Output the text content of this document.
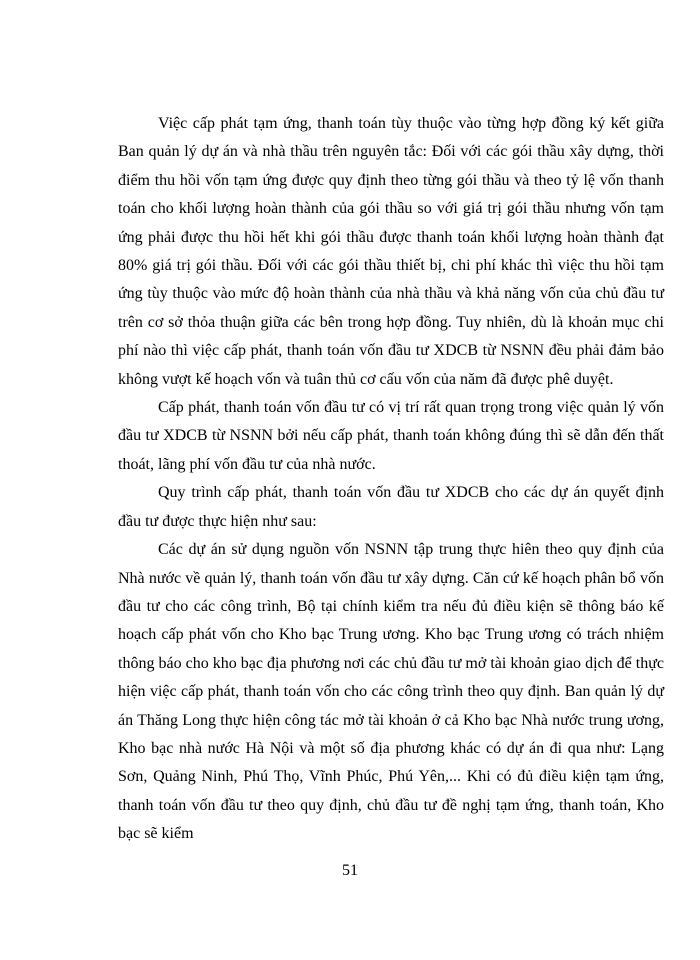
Việc cấp phát tạm ứng, thanh toán tùy thuộc vào từng hợp đồng ký kết giữa Ban quản lý dự án và nhà thầu trên nguyên tắc: Đối với các gói thầu xây dựng, thời điểm thu hồi vốn tạm ứng được quy định theo từng gói thầu và theo tỷ lệ vốn thanh toán cho khối lượng hoàn thành của gói thầu so với giá trị gói thầu nhưng vốn tạm ứng phải được thu hồi hết khi gói thầu được thanh toán khối lượng hoàn thành đạt 80% giá trị gói thầu. Đối với các gói thầu thiết bị, chi phí khác thì việc thu hồi tạm ứng tùy thuộc vào mức độ hoàn thành của nhà thầu và khả năng vốn của chủ đầu tư trên cơ sở thỏa thuận giữa các bên trong hợp đồng. Tuy nhiên, dù là khoản mục chi phí nào thì việc cấp phát, thanh toán vốn đầu tư XDCB từ NSNN đều phải đảm bảo không vượt kế hoạch vốn và tuân thủ cơ cấu vốn của năm đã được phê duyệt.

Cấp phát, thanh toán vốn đầu tư có vị trí rất quan trọng trong việc quản lý vốn đầu tư XDCB từ NSNN bởi nếu cấp phát, thanh toán không đúng thì sẽ dẫn đến thất thoát, lãng phí vốn đầu tư của nhà nước.

Quy trình cấp phát, thanh toán vốn đầu tư XDCB cho các dự án quyết định đầu tư được thực hiện như sau:

Các dự án sử dụng nguồn vốn NSNN tập trung thực hiên theo quy định của Nhà nước về quản lý, thanh toán vốn đầu tư xây dựng. Căn cứ kế hoạch phân bổ vốn đầu tư cho các công trình, Bộ tại chính kiểm tra nếu đủ điều kiện sẽ thông báo kế hoạch cấp phát vốn cho Kho bạc Trung ương. Kho bạc Trung ương có trách nhiệm thông báo cho kho bạc địa phương nơi các chủ đầu tư mở tài khoản giao dịch để thực hiện việc cấp phát, thanh toán vốn cho các công trình theo quy định. Ban quản lý dự án Thăng Long thực hiện công tác mở tài khoản ở cả Kho bạc Nhà nước trung ương, Kho bạc nhà nước Hà Nội và một số địa phương khác có dự án đi qua như: Lạng Sơn, Quảng Ninh, Phú Thọ, Vĩnh Phúc, Phú Yên,... Khi có đủ điều kiện tạm ứng, thanh toán vốn đầu tư theo quy định, chủ đầu tư đề nghị tạm ứng, thanh toán, Kho bạc sẽ kiểm

51
